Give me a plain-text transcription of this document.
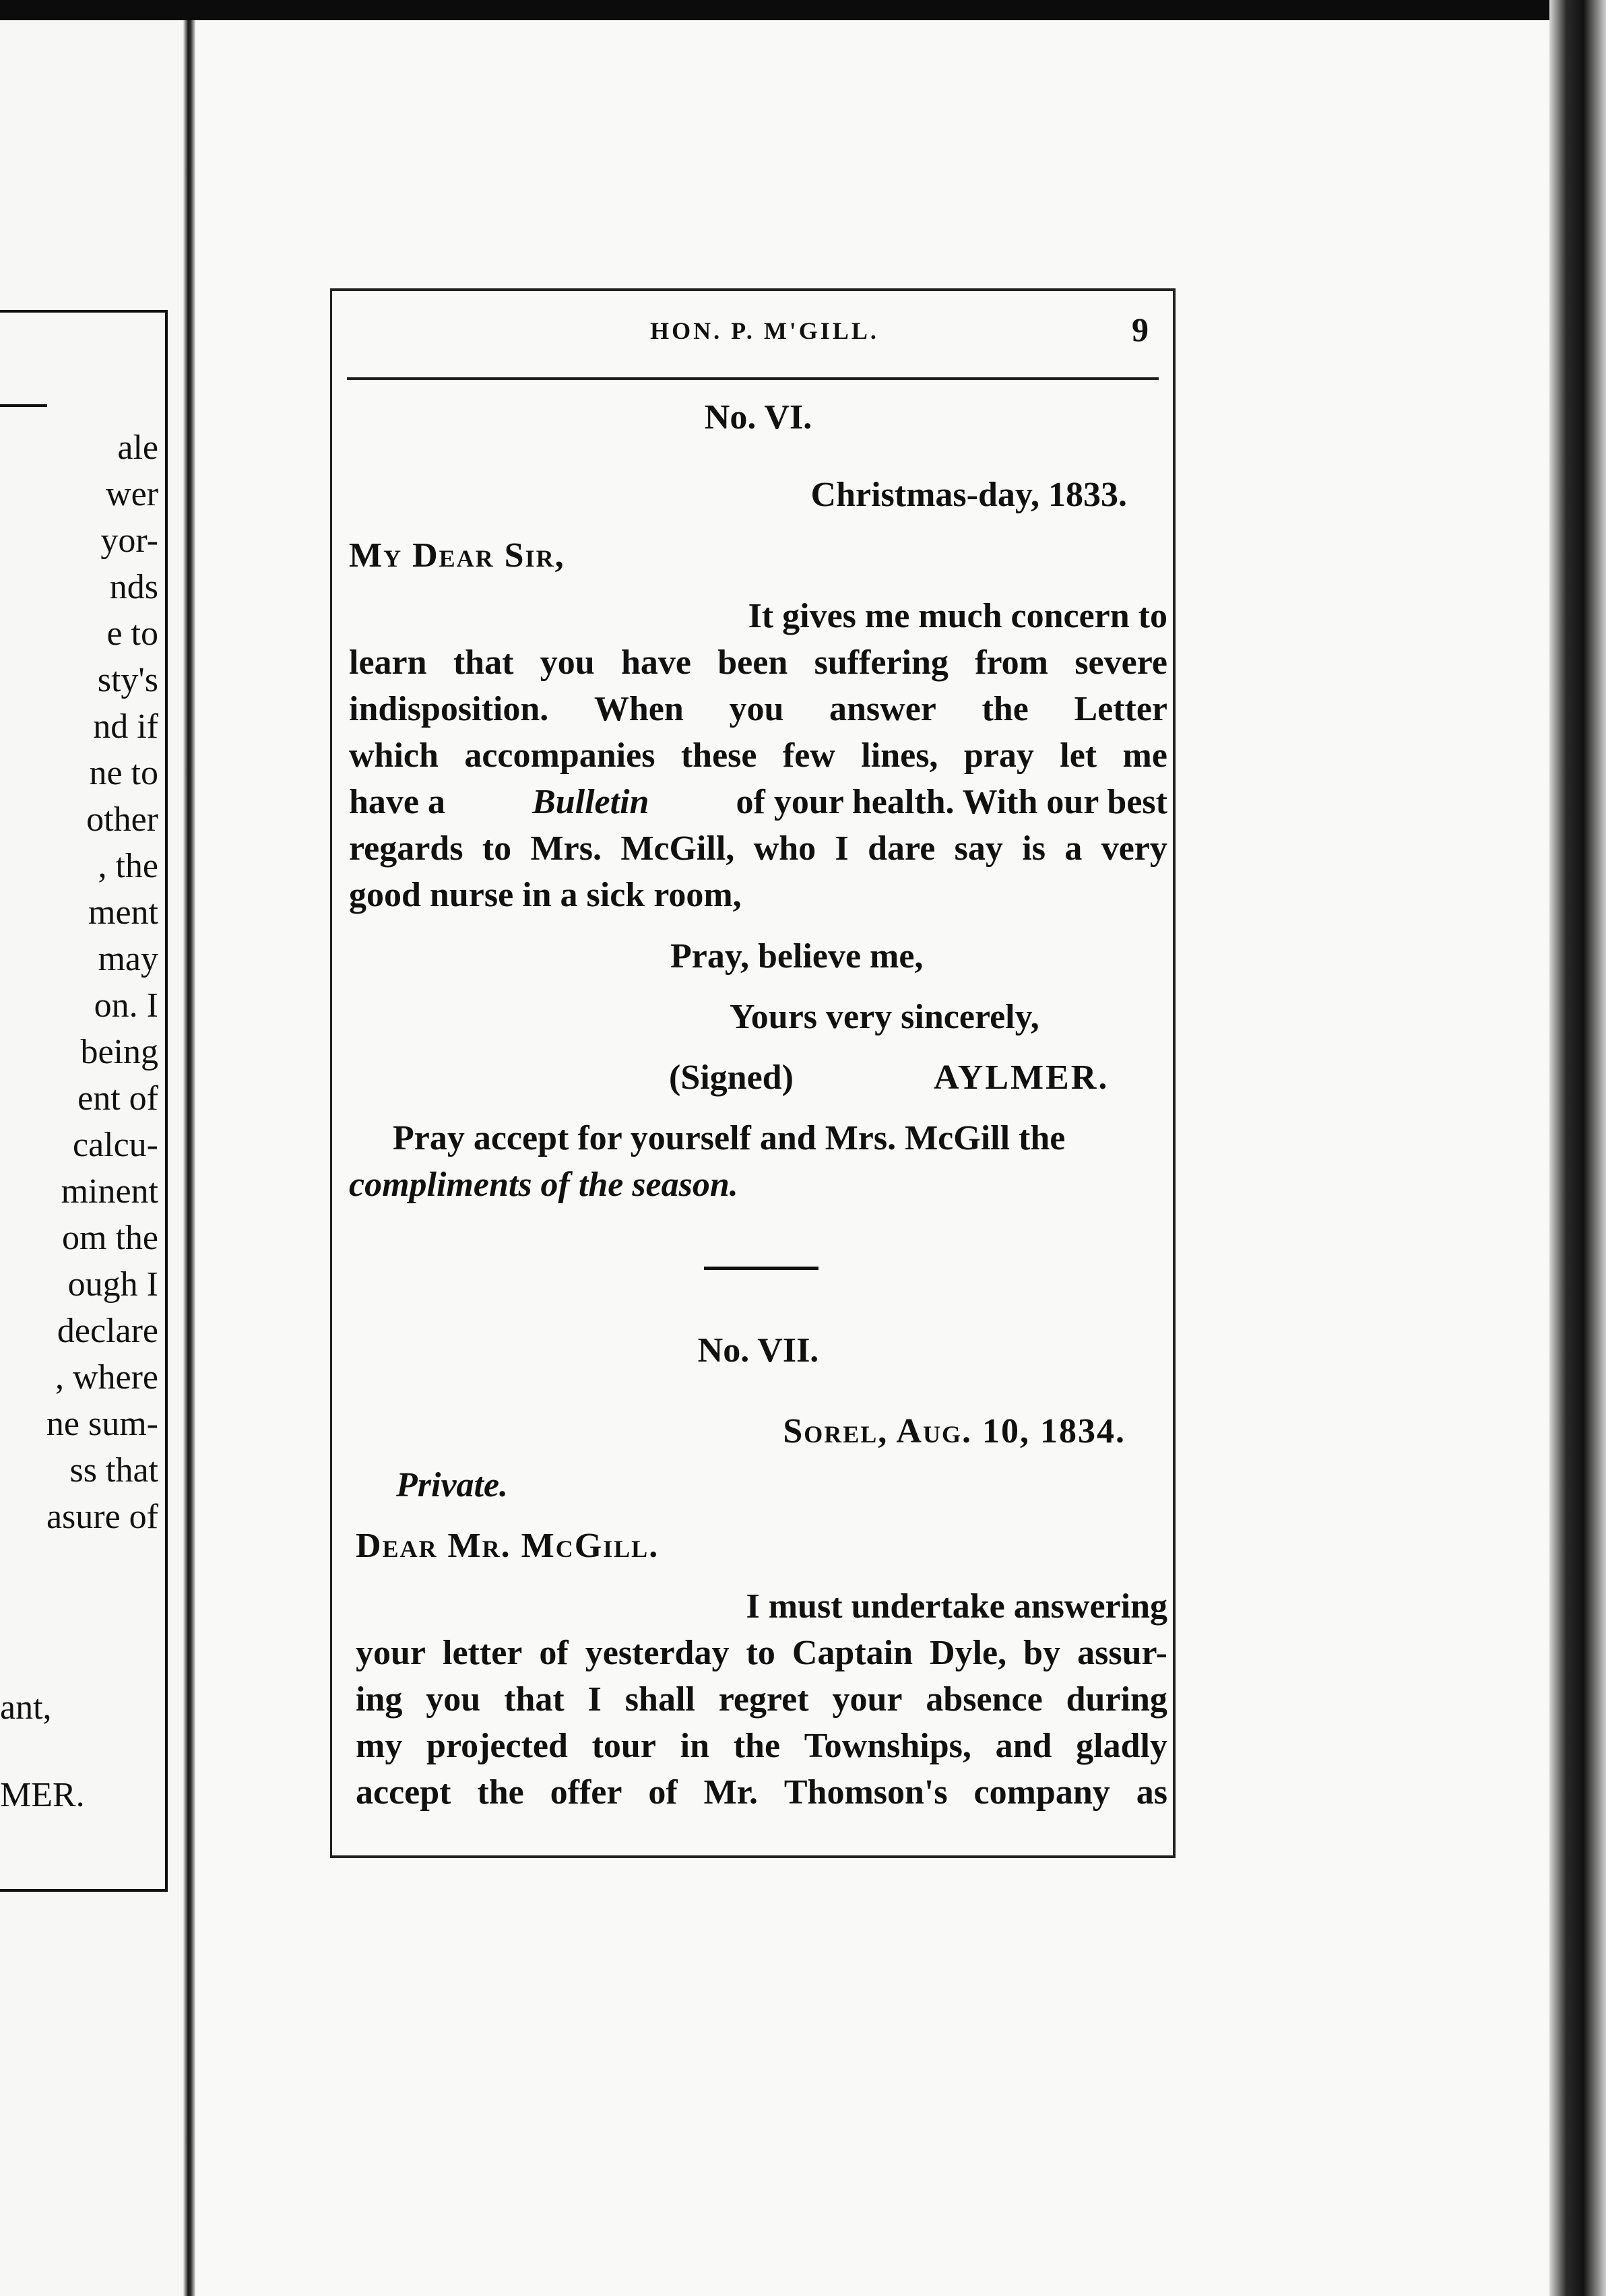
ale
wer
yor-
nds
e to
sty's
nd if
ne to
other
, the
ment
may
on. I
being
ent of
calcu-
minent
om the
ough I
declare
, where
ne sum-
ss that
asure of
ant,
MER.
HON. P. M'GILL.	9
No. VI.
Christmas-day, 1833.
My Dear Sir,
It gives me much concern to
learn that you have been suffering from severe
indisposition. When you answer the Letter
which accompanies these few lines, pray let me
have a Bulletin of your health. With our best
regards to Mrs. McGill, who I dare say is a very
good nurse in a sick room,
Pray, believe me,
Yours very sincerely,
(Signed)	AYLMER.
Pray accept for yourself and Mrs. McGill the
compliments of the season.
No. VII.
Sorel, Aug. 10, 1834.
Private.
Dear Mr. McGill.
I must undertake answering
your letter of yesterday to Captain Dyle, by assur-
ing you that I shall regret your absence during
my projected tour in the Townships, and gladly
accept the offer of Mr. Thomson's company as
